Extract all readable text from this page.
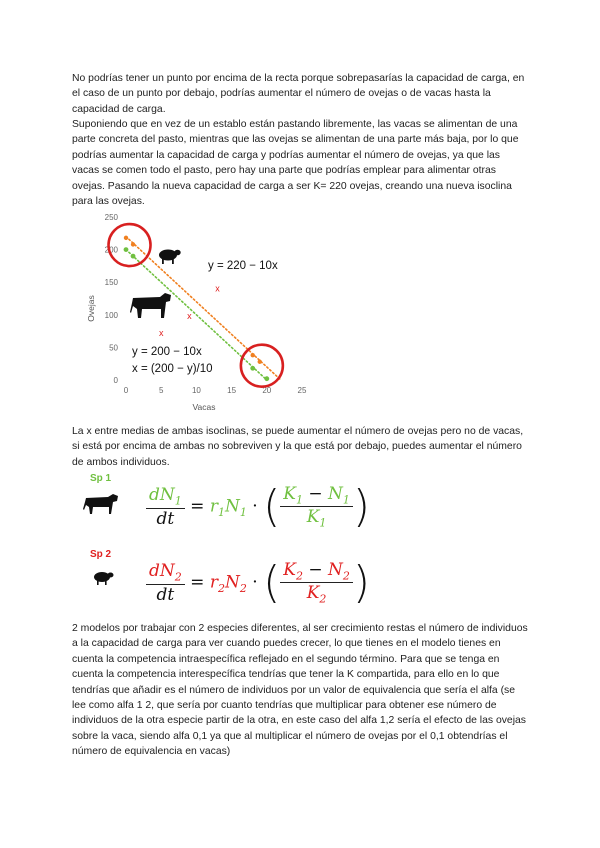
No podrías tener un punto por encima de la recta porque sobrepasarías la capacidad de carga, en el caso de un punto por debajo, podrías aumentar el número de ovejas o de vacas hasta la capacidad de carga.

Suponiendo que en vez de un establo están pastando libremente, las vacas se alimentan de una parte concreta del pasto, mientras que las ovejas se alimentan de una parte más baja, por lo que podrías aumentar la capacidad de carga y podrías aumentar el número de ovejas, ya que las vacas se comen todo el pasto, pero hay una parte que podrías emplear para alimentar otras ovejas. Pasando la nueva capacidad de carga a ser K= 220 ovejas, creando una nueva isoclina para las ovejas.

0
50
100
150
200
250
0	5	10	15	20	25
Vacas
Ovejas
x
x
x
y = 220 − 10x
y = 200 − 10x
x = (200 − y)/10

La x entre medias de ambas isoclinas, se puede aumentar el número de ovejas pero no de vacas, si está por encima de ambas no sobreviven y la que está por debajo, puedes aumentar el número de ambos individuos.

Sp 1
$\frac{dN_1}{dt} = r_1N_1$ · ( $\frac{K_1 - N_1}{K_1}$ )
Sp 2
$\frac{dN_2}{dt} = r_2N_2$ · ( $\frac{K_2 - N_2}{K_2}$ )

2 modelos por trabajar con 2 especies diferentes, al ser crecimiento restas el número de individuos a la capacidad de carga para ver cuando puedes crecer, lo que tienes en el modelo tienes en cuenta la competencia intraespecífica reflejado en el segundo término. Para que se tenga en cuenta la competencia interespecífica tendrías que tener la K compartida, para ello en lo que tendrías que añadir es el número de individuos por un valor de equivalencia que sería el alfa (se lee como alfa 1 2, que sería por cuanto tendrías que multiplicar para obtener ese número de individuos de la otra especie partir de la otra, en este caso del alfa 1,2 sería el efecto de las ovejas sobre la vaca, siendo alfa 0,1 ya que al multiplicar el número de ovejas por el 0,1 obtendrías el número de equivalencia en vacas)
